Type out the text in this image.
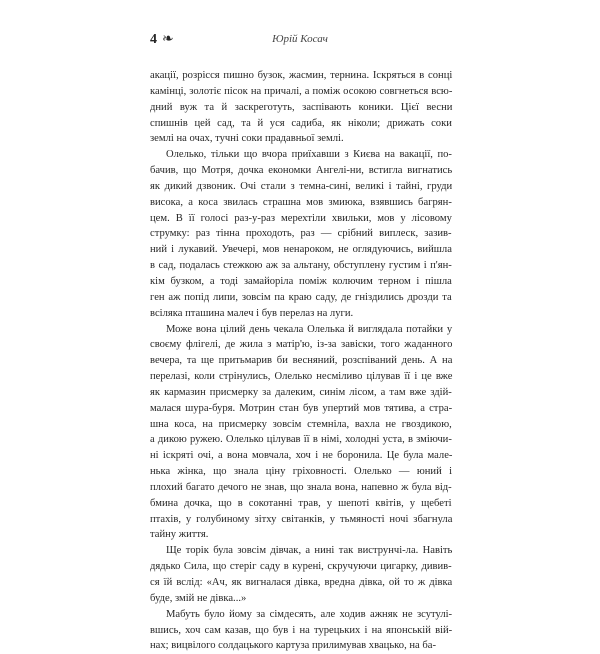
4 ❧	Юрій Косач
акації, розрісся пишно бузок, жасмин, тернина. Іскряться в сонці
камінці, золотіє пісок на причалі, а поміж осокою совгнеться всю-
дний вуж та й заскреготуть, заспівають коники. Цієї весни
спишнів цей сад, та й уся садиба, як ніколи; дрижать соки
землі на очах, тучні соки прадавньої землі.
Олелько, тільки що вчора приїхавши з Києва на вакації, по-
бачив, що Мотря, дочка економки Ангелі-ни, встигла вигнатись
як дикий дзвоник. Очі стали з темна-сині, великі і тайні, груди
висока, а коса звилась страшна мов змиюка, взявшись багрян-
цем. В її голосі раз-у-раз мерехтіли хвильки, мов у лісовому
струмку: раз тінна проходоть, раз — срібний виплеск, зазив-
ний і лукавий. Увечері, мов ненароком, не оглядуючись, вийшла
в сад, подалась стежкою аж за альтану, обступлену густим і п'ян-
кім бузком, а тоді замайоріла поміж колючим терном і пішла
ген аж попід липи, зовсім па краю саду, де гніздились дрозди та
всіляка пташина малеч і був перелаз на луги.
Може вона цілий день чекала Олелька й виглядала потайки у
своєму флігелі, де жила з матір'ю, із-за завіски, того жаданного
вечера, та ще притьмарив би весняний, розспіваний день. А на
перелазі, коли стрінулись, Олелько несміливо цілував її і це вже
як кармазин присмерку за далеким, синім лісом, а там вже здій-
малася шура-буря. Мотрин стан був упертий мов тятива, а стра-
шна коса, на присмерку зовсім стемніла, вахла не гвоздикою,
а дикою ружею. Олелько цілував її в німі, холодні уста, в зміючи-
ні іскряті очі, а вона мовчала, хоч і не боронила. Це була мале-
нька жінка, що знала ціну гріховності. Олелько — юний і
плохий багато дечого не знав, що знала вона, напевно ж була від-
бмина дочка, що в сокотанні трав, у шепоті квітів, у щебеті
птахів, у голубиному зітху світанків, у тьмяності ночі збагнула
тайну життя.
Ще торік була зовсім дівчак, а нині так виструнчі-ла. Навіть
дядько Сила, що стеріг саду в курені, скручуючи цигарку, дивив-
ся їй вслід: «Ач, як вигналася дівка, вредна дівка, ой то ж дівка
буде, змій не дівка...»
Мабуть було йому за сімдесять, але ходив ажняк не зсутулі-
вшись, хоч сам казав, що був і на турецьких і на японській вій-
нах; вицвілого солдацького картуза прилимував хвацько, на ба-
